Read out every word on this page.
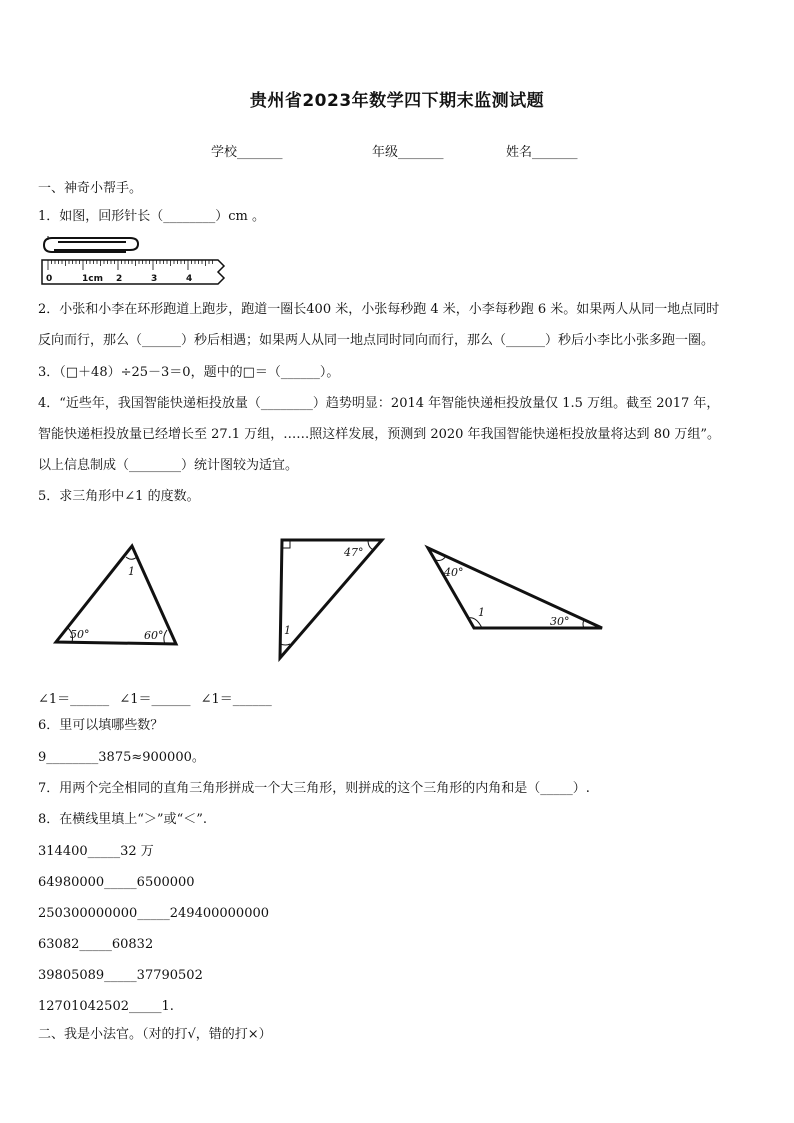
贵州省2023年数学四下期末监测试题
学校_______	年级_______	姓名_______
一、神奇小帮手。
1．如图，回形针长（________）cm 。
0	1cm 2	3	4
2．小张和小李在环形跑道上跑步，跑道一圈长400 米，小张每秒跑 4 米，小李每秒跑 6 米。如果两人从同一地点同时
反向而行，那么（______）秒后相遇；如果两人从同一地点同时同向而行，那么（______）秒后小李比小张多跑一圈。
3．（□＋48）÷25－3＝0，题中的□＝（______）。
4．“近些年，我国智能快递柜投放量（________）趋势明显：2014 年智能快递柜投放量仅 1.5 万组。截至 2017 年，
智能快递柜投放量已经增长至 27.1 万组，……照这样发展，预测到 2020 年我国智能快递柜投放量将达到 80 万组”。
以上信息制成（________）统计图较为适宜。
5．求三角形中∠1 的度数。
1
50°	60°
47°
1
40°
1
30°
∠1＝______ ∠1＝______ ∠1＝______
6．里可以填哪些数？
9________3875≈900000。
7．用两个完全相同的直角三角形拼成一个大三角形，则拼成的这个三角形的内角和是（_____）.
8．在横线里填上“＞”或“＜”.
314400_____32 万
64980000_____6500000
250300000000_____249400000000
63082_____60832
39805089_____37790502
12701042502_____1.
二、我是小法官。（对的打√，错的打×）
